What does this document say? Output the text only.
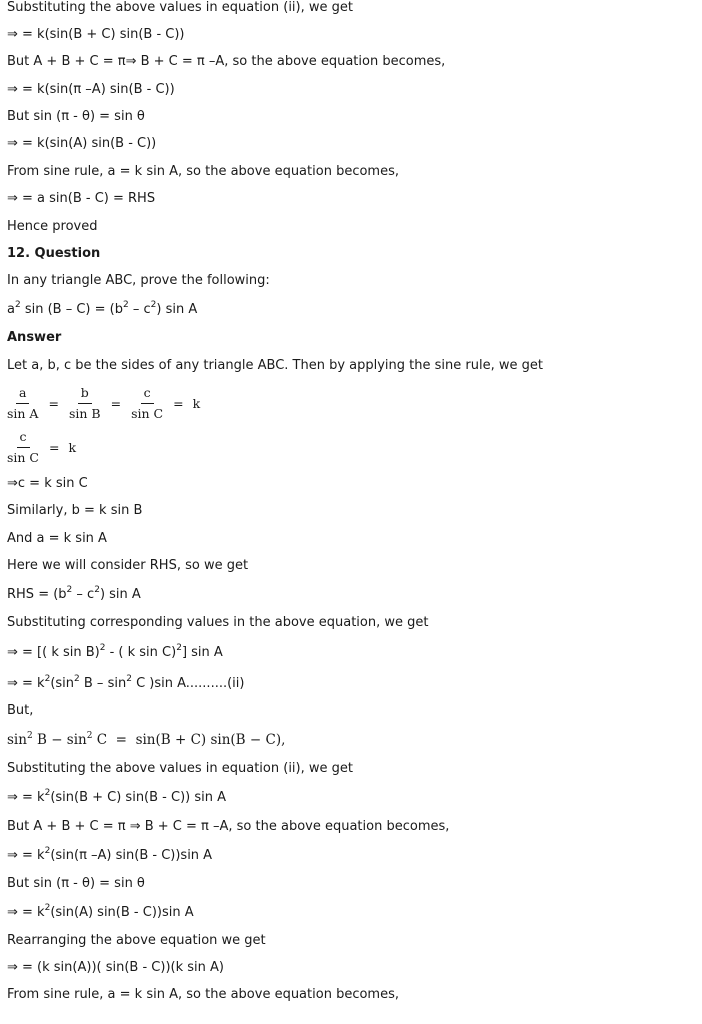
Substituting the above values in equation (ii), we get
⇒ = k(sin(B + C) sin(B - C))
But A + B + C = π⇒ B + C = π –A, so the above equation becomes,
⇒ = k(sin(π –A) sin(B - C))
But sin (π - θ) = sin θ
⇒ = k(sin(A) sin(B - C))
From sine rule, a = k sin A, so the above equation becomes,
⇒ = a sin(B - C) = RHS
Hence proved
12. Question
In any triangle ABC, prove the following:
$a^2$ $\sin (B - C) = (b^2 - c^2)$ sin A
Answer
Let a, b, c be the sides of any triangle ABC. Then by applying the sine rule, we get
$\frac{a}{\text{sin A}} = \frac{b}{\text{sin B}} = \frac{c}{\text{sin C}} = k$
$\frac{c}{\text{sin C}} = k$
⇒c = k sin C
Similarly, b = k sin B
And a = k sin A
Here we will consider RHS, so we get
RHS = $(b^2 - c^2)$ sin A
Substituting corresponding values in the above equation, we get
⇒ = [( k sin B)$^2$ - ( k sin C)$^2$] sin A
⇒ = $k^2(\sin^2$ B – $\sin^2 C$ )sin A..........(ii)
But,
$\sin^2 B - \sin^2 C = \sin(B + C) \sin(B - C)$,
Substituting the above values in equation (ii), we get
⇒ = $k^2(\sin(B + C)$ sin(B - C)) sin A
But A + B + C = π ⇒ B + C = π –A, so the above equation becomes,
⇒ = $k^2(\sin(\pi$ –A) sin(B - C))sin A
But sin (π - θ) = sin θ
⇒ = $k^2(\sin(A)$ sin(B - C))sin A
Rearranging the above equation we get
⇒ = (k sin(A))( sin(B - C))(k sin A)
From sine rule, a = k sin A, so the above equation becomes,
